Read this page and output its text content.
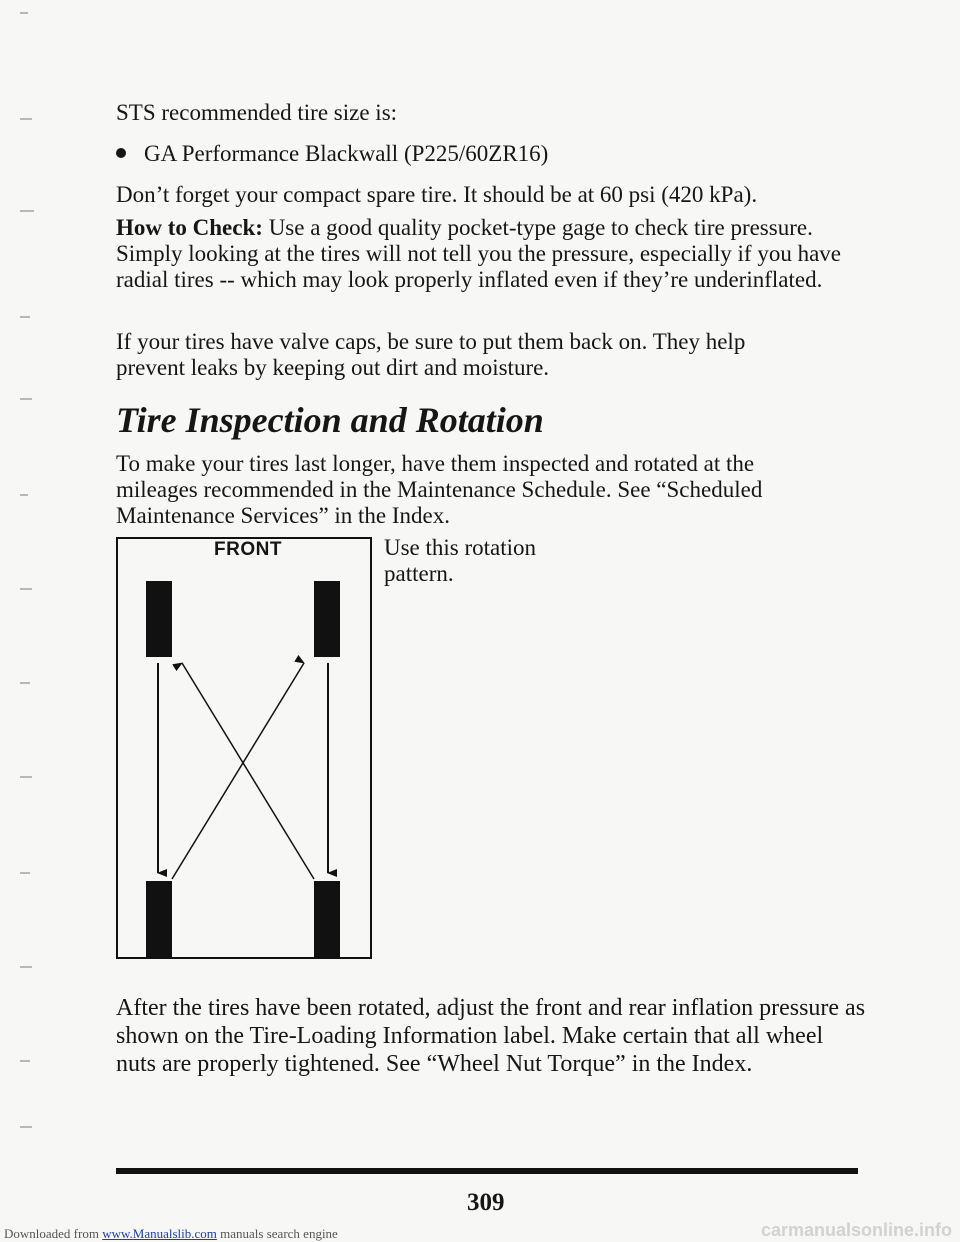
STS recommended tire size is:

GA Performance Blackwall (P225/60ZR16)

Don’t forget your compact spare tire. It should be at 60 psi (420 kPa).

How to Check: Use a good quality pocket-type gage to check tire pressure. Simply looking at the tires will not tell you the pressure, especially if you have radial tires -- which may look properly inflated even if they’re underinflated.

If your tires have valve caps, be sure to put them back on. They help prevent leaks by keeping out dirt and moisture.

Tire Inspection and Rotation

To make your tires last longer, have them inspected and rotated at the mileages recommended in the Maintenance Schedule. See “Scheduled Maintenance Services” in the Index.

FRONT	Use this rotation pattern.

After the tires have been rotated, adjust the front and rear inflation pressure as shown on the Tire-Loading Information label. Make certain that all wheel nuts are properly tightened. See “Wheel Nut Torque” in the Index.

309
Downloaded from www.Manualslib.com manuals search engine	carmanualsonline.info
